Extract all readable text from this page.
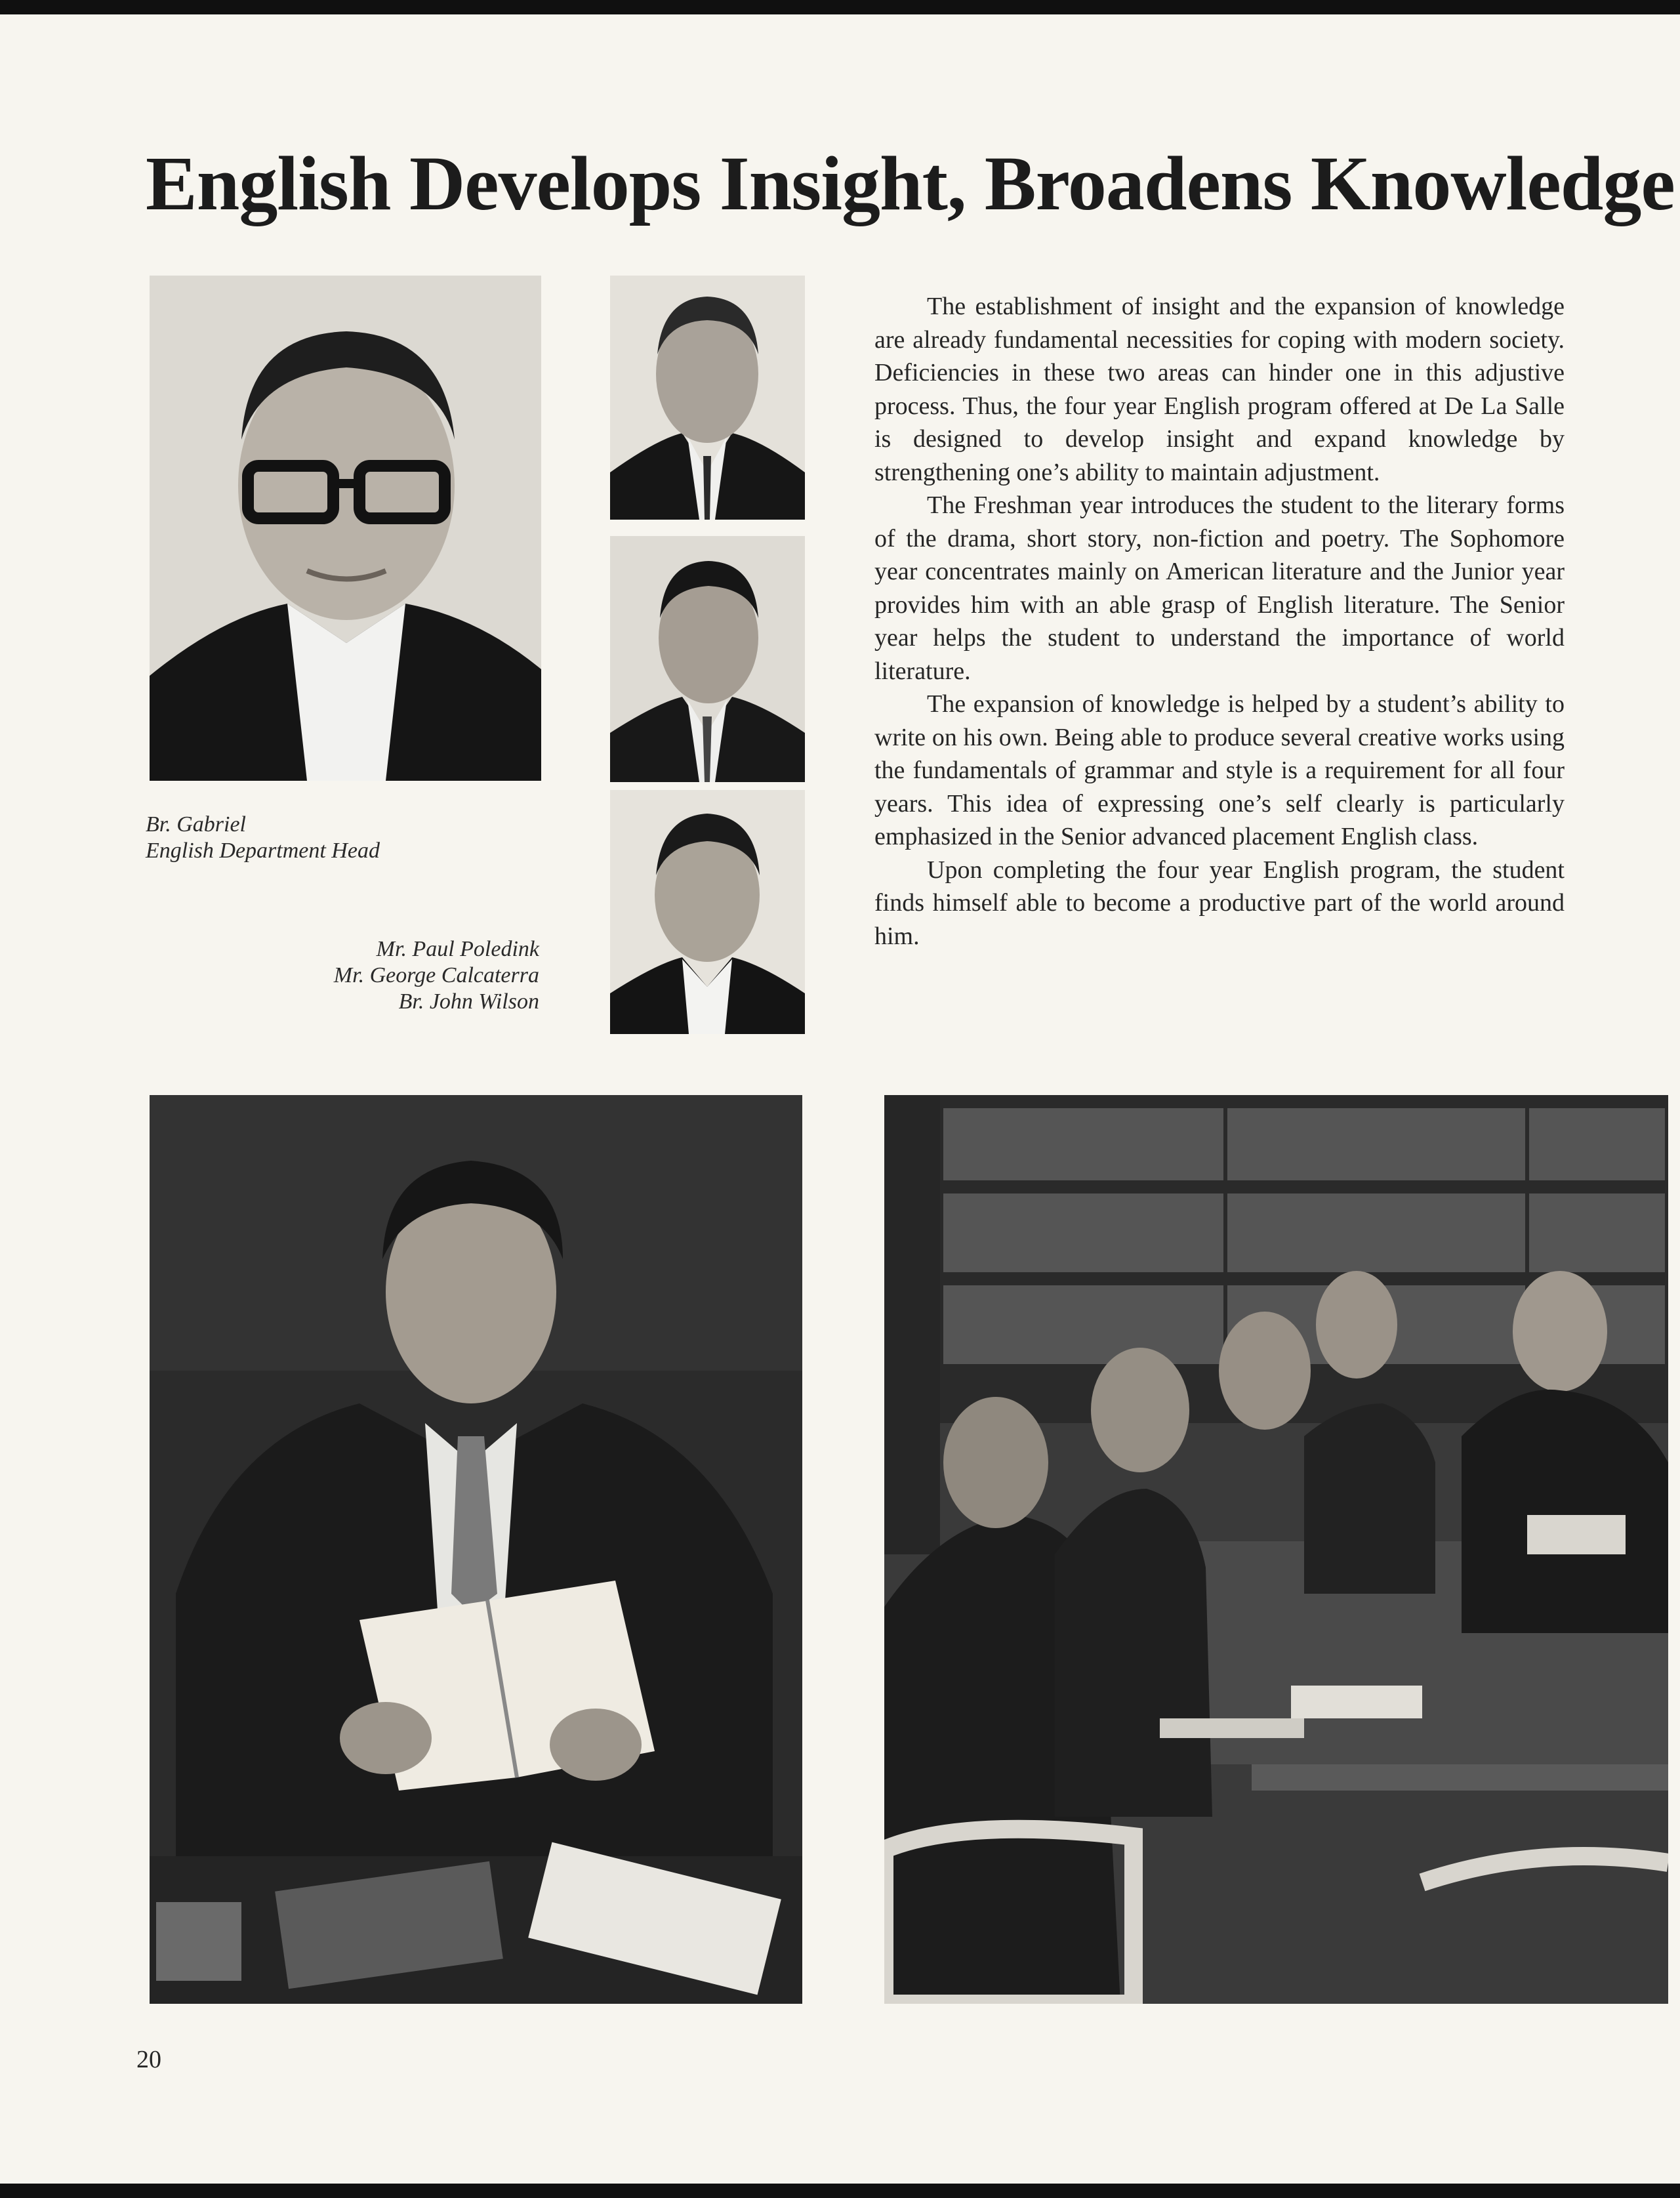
English Develops Insight, Broadens Knowledge
Br. Gabriel
English Department Head
Mr. Paul Poledink
Mr. George Calcaterra
Br. John Wilson

The establishment of insight and the expansion of knowledge are already fundamental necessities for coping with modern society. Deficiencies in these two areas can hinder one in this adjustive process. Thus, the four year English program offered at De La Salle is designed to develop insight and expand knowledge by strengthening one’s ability to maintain adjustment.

The Freshman year introduces the student to the literary forms of the drama, short story, non-fiction and poetry. The Sophomore year concentrates mainly on American literature and the Junior year provides him with an able grasp of English literature. The Senior year helps the student to understand the importance of world literature.

The expansion of knowledge is helped by a student’s ability to write on his own. Being able to produce several creative works using the fundamentals of grammar and style is a requirement for all four years. This idea of expressing one’s self clearly is particularly emphasized in the Senior advanced placement English class.

Upon completing the four year English program, the student finds himself able to become a productive part of the world around him.

20
